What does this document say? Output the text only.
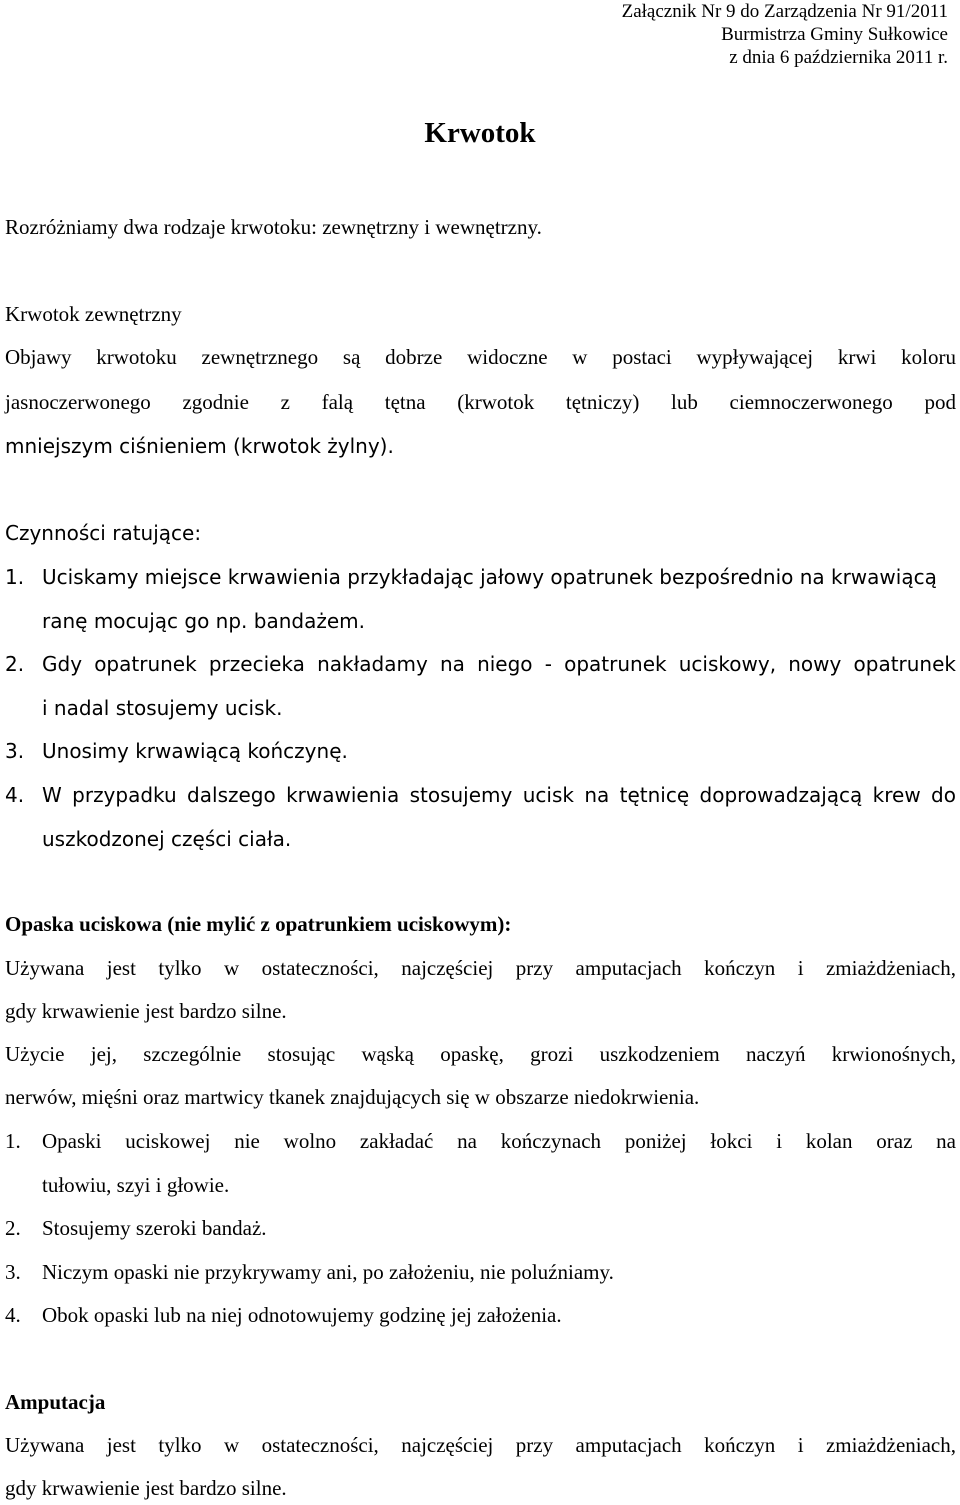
Załącznik Nr 9 do Zarządzenia Nr 91/2011
Burmistrza Gminy Sułkowice
z dnia 6 października 2011 r.
Krwotok
Rozróżniamy dwa rodzaje krwotoku: zewnętrzny i wewnętrzny.
Krwotok zewnętrzny
Objawy krwotoku zewnętrznego są dobrze widoczne w postaci wypływającej krwi koloru
jasnoczerwonego zgodnie z falą tętna (krwotok tętniczy) lub ciemnoczerwonego pod
mniejszym ciśnieniem (krwotok żylny).
Czynności ratujące:
1. Uciskamy miejsce krwawienia przykładając jałowy opatrunek bezpośrednio na krwawiącą
ranę mocując go np. bandażem.
2. Gdy opatrunek przecieka nakładamy na niego - opatrunek uciskowy, nowy opatrunek
i nadal stosujemy ucisk.
3. Unosimy krwawiącą kończynę.
4. W przypadku dalszego krwawienia stosujemy ucisk na tętnicę doprowadzającą krew do
uszkodzonej części ciała.
Opaska uciskowa (nie mylić z opatrunkiem uciskowym):
Używana jest tylko w ostateczności, najczęściej przy amputacjach kończyn i zmiażdżeniach,
gdy krwawienie jest bardzo silne.
Użycie jej, szczególnie stosując wąską opaskę, grozi uszkodzeniem naczyń krwionośnych,
nerwów, mięśni oraz martwicy tkanek znajdujących się w obszarze niedokrwienia.
1. Opaski uciskowej nie wolno zakładać na kończynach poniżej łokci i kolan oraz na
tułowiu, szyi i głowie.
2. Stosujemy szeroki bandaż.
3. Niczym opaski nie przykrywamy ani, po założeniu, nie poluźniamy.
4. Obok opaski lub na niej odnotowujemy godzinę jej założenia.
Amputacja
Używana jest tylko w ostateczności, najczęściej przy amputacjach kończyn i zmiażdżeniach,
gdy krwawienie jest bardzo silne.
